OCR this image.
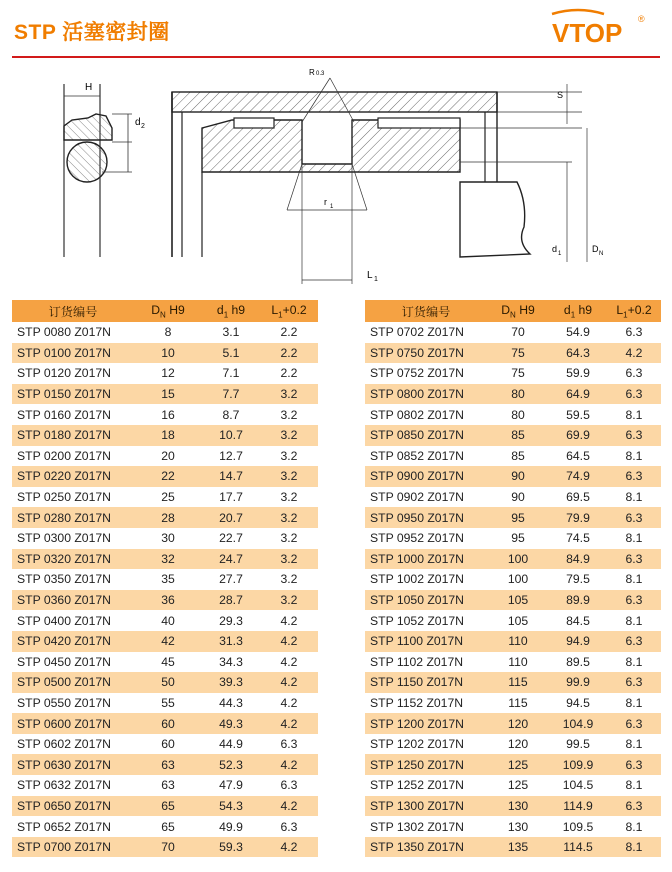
STP 活塞密封圈	VTOP ®
H
d 2
R 0.3
r 1
L 1
S
d 1	D N
订货编号	$D_N$ H9	$d_1$ h9	$L_1+0.2$
STP 0080 Z017N	8	3.1	2.2
STP 0100 Z017N	10	5.1	2.2
STP 0120 Z017N	12	7.1	2.2
STP 0150 Z017N	15	7.7	3.2
STP 0160 Z017N	16	8.7	3.2
STP 0180 Z017N	18	10.7	3.2
STP 0200 Z017N	20	12.7	3.2
STP 0220 Z017N	22	14.7	3.2
STP 0250 Z017N	25	17.7	3.2
STP 0280 Z017N	28	20.7	3.2
STP 0300 Z017N	30	22.7	3.2
STP 0320 Z017N	32	24.7	3.2
STP 0350 Z017N	35	27.7	3.2
STP 0360 Z017N	36	28.7	3.2
STP 0400 Z017N	40	29.3	4.2
STP 0420 Z017N	42	31.3	4.2
STP 0450 Z017N	45	34.3	4.2
STP 0500 Z017N	50	39.3	4.2
STP 0550 Z017N	55	44.3	4.2
STP 0600 Z017N	60	49.3	4.2
STP 0602 Z017N	60	44.9	6.3
STP 0630 Z017N	63	52.3	4.2
STP 0632 Z017N	63	47.9	6.3
STP 0650 Z017N	65	54.3	4.2
STP 0652 Z017N	65	49.9	6.3
STP 0700 Z017N	70	59.3	4.2
订货编号	$D_N$ H9	$d_1$ h9	$L_1+0.2$
STP 0702 Z017N	70	54.9	6.3
STP 0750 Z017N	75	64.3	4.2
STP 0752 Z017N	75	59.9	6.3
STP 0800 Z017N	80	64.9	6.3
STP 0802 Z017N	80	59.5	8.1
STP 0850 Z017N	85	69.9	6.3
STP 0852 Z017N	85	64.5	8.1
STP 0900 Z017N	90	74.9	6.3
STP 0902 Z017N	90	69.5	8.1
STP 0950 Z017N	95	79.9	6.3
STP 0952 Z017N	95	74.5	8.1
STP 1000 Z017N	100	84.9	6.3
STP 1002 Z017N	100	79.5	8.1
STP 1050 Z017N	105	89.9	6.3
STP 1052 Z017N	105	84.5	8.1
STP 1100 Z017N	110	94.9	6.3
STP 1102 Z017N	110	89.5	8.1
STP 1150 Z017N	115	99.9	6.3
STP 1152 Z017N	115	94.5	8.1
STP 1200 Z017N	120	104.9	6.3
STP 1202 Z017N	120	99.5	8.1
STP 1250 Z017N	125	109.9	6.3
STP 1252 Z017N	125	104.5	8.1
STP 1300 Z017N	130	114.9	6.3
STP 1302 Z017N	130	109.5	8.1
STP 1350 Z017N	135	114.5	8.1
